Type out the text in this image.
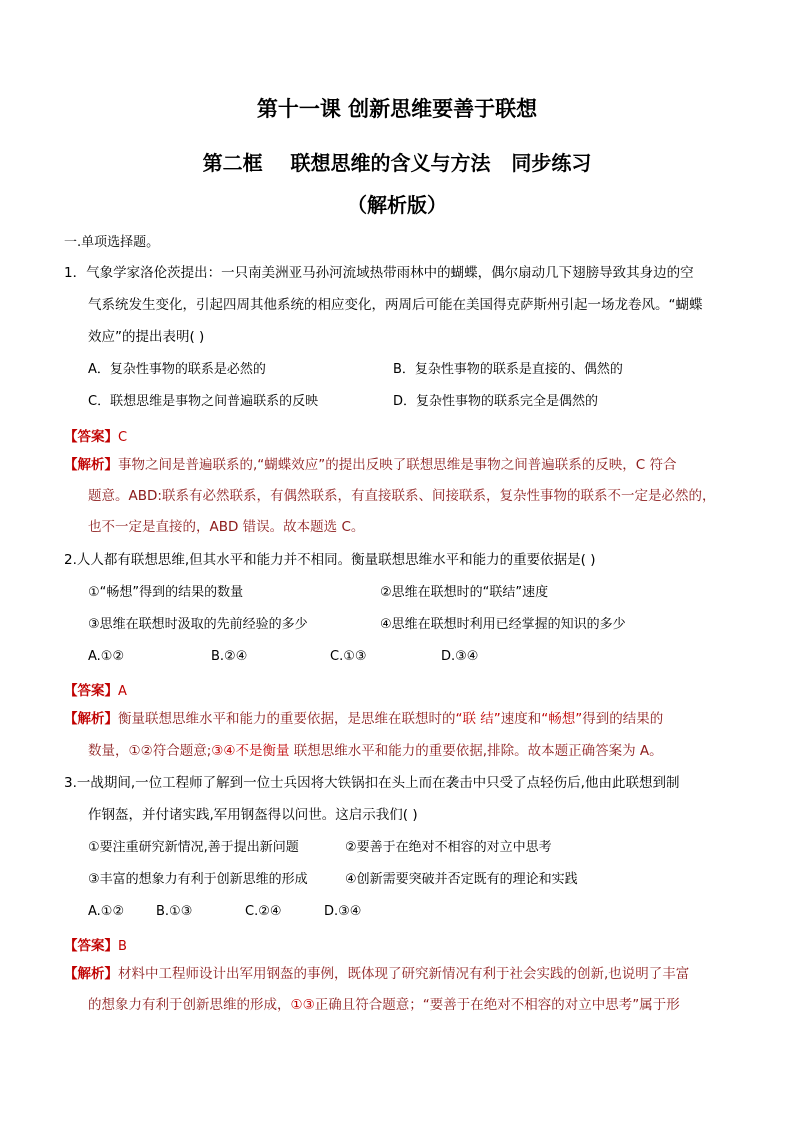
第十一课 创新思维要善于联想
第二框    联想思维的含义与方法   同步练习
（解析版）
一.单项选择题。
1．气象学家洛伦茨提出：一只南美洲亚马孙河流域热带雨林中的蝴蝶，偶尔扇动几下翅膀导致其身边的空
气系统发生变化，引起四周其他系统的相应变化，两周后可能在美国得克萨斯州引起一场龙卷风。“蝴蝶
效应”的提出表明( )
A．复杂性事物的联系是必然的	B．复杂性事物的联系是直接的、偶然的
C．联想思维是事物之间普遍联系的反映	D．复杂性事物的联系完全是偶然的
【答案】C
【解析】事物之间是普遍联系的,“蝴蝶效应”的提出反映了联想思维是事物之间普遍联系的反映，C 符合
题意。ABD:联系有必然联系，有偶然联系，有直接联系、间接联系，复杂性事物的联系不一定是必然的，
也不一定是直接的，ABD 错误。故本题选 C。
2.人人都有联想思维,但其水平和能力并不相同。衡量联想思维水平和能力的重要依据是( )
①“畅想”得到的结果的数量	②思维在联想时的“联结”速度
③思维在联想时汲取的先前经验的多少	④思维在联想时利用已经掌握的知识的多少
A.①②	B.②④	C.①③	D.③④
【答案】A
【解析】衡量联想思维水平和能力的重要依据，是思维在联想时的“联 结”速度和“畅想”得到的结果的
数量，①②符合题意;③④不是衡量 联想思维水平和能力的重要依据,排除。故本题正确答案为 A。
3.一战期间,一位工程师了解到一位士兵因将大铁锅扣在头上而在袭击中只受了点轻伤后,他由此联想到制
作钢盔，并付诸实践,军用钢盔得以问世。这启示我们( )
①要注重研究新情况,善于提出新问题	②要善于在绝对不相容的对立中思考
③丰富的想象力有利于创新思维的形成	④创新需要突破并否定既有的理论和实践
A.①② B.①③	C.②④	D.③④
【答案】B
【解析】材料中工程师设计出军用钢盔的事例，既体现了研究新情况有利于社会实践的创新,也说明了丰富
的想象力有利于创新思维的形成，①③正确且符合题意；“要善于在绝对不相容的对立中思考”属于形
